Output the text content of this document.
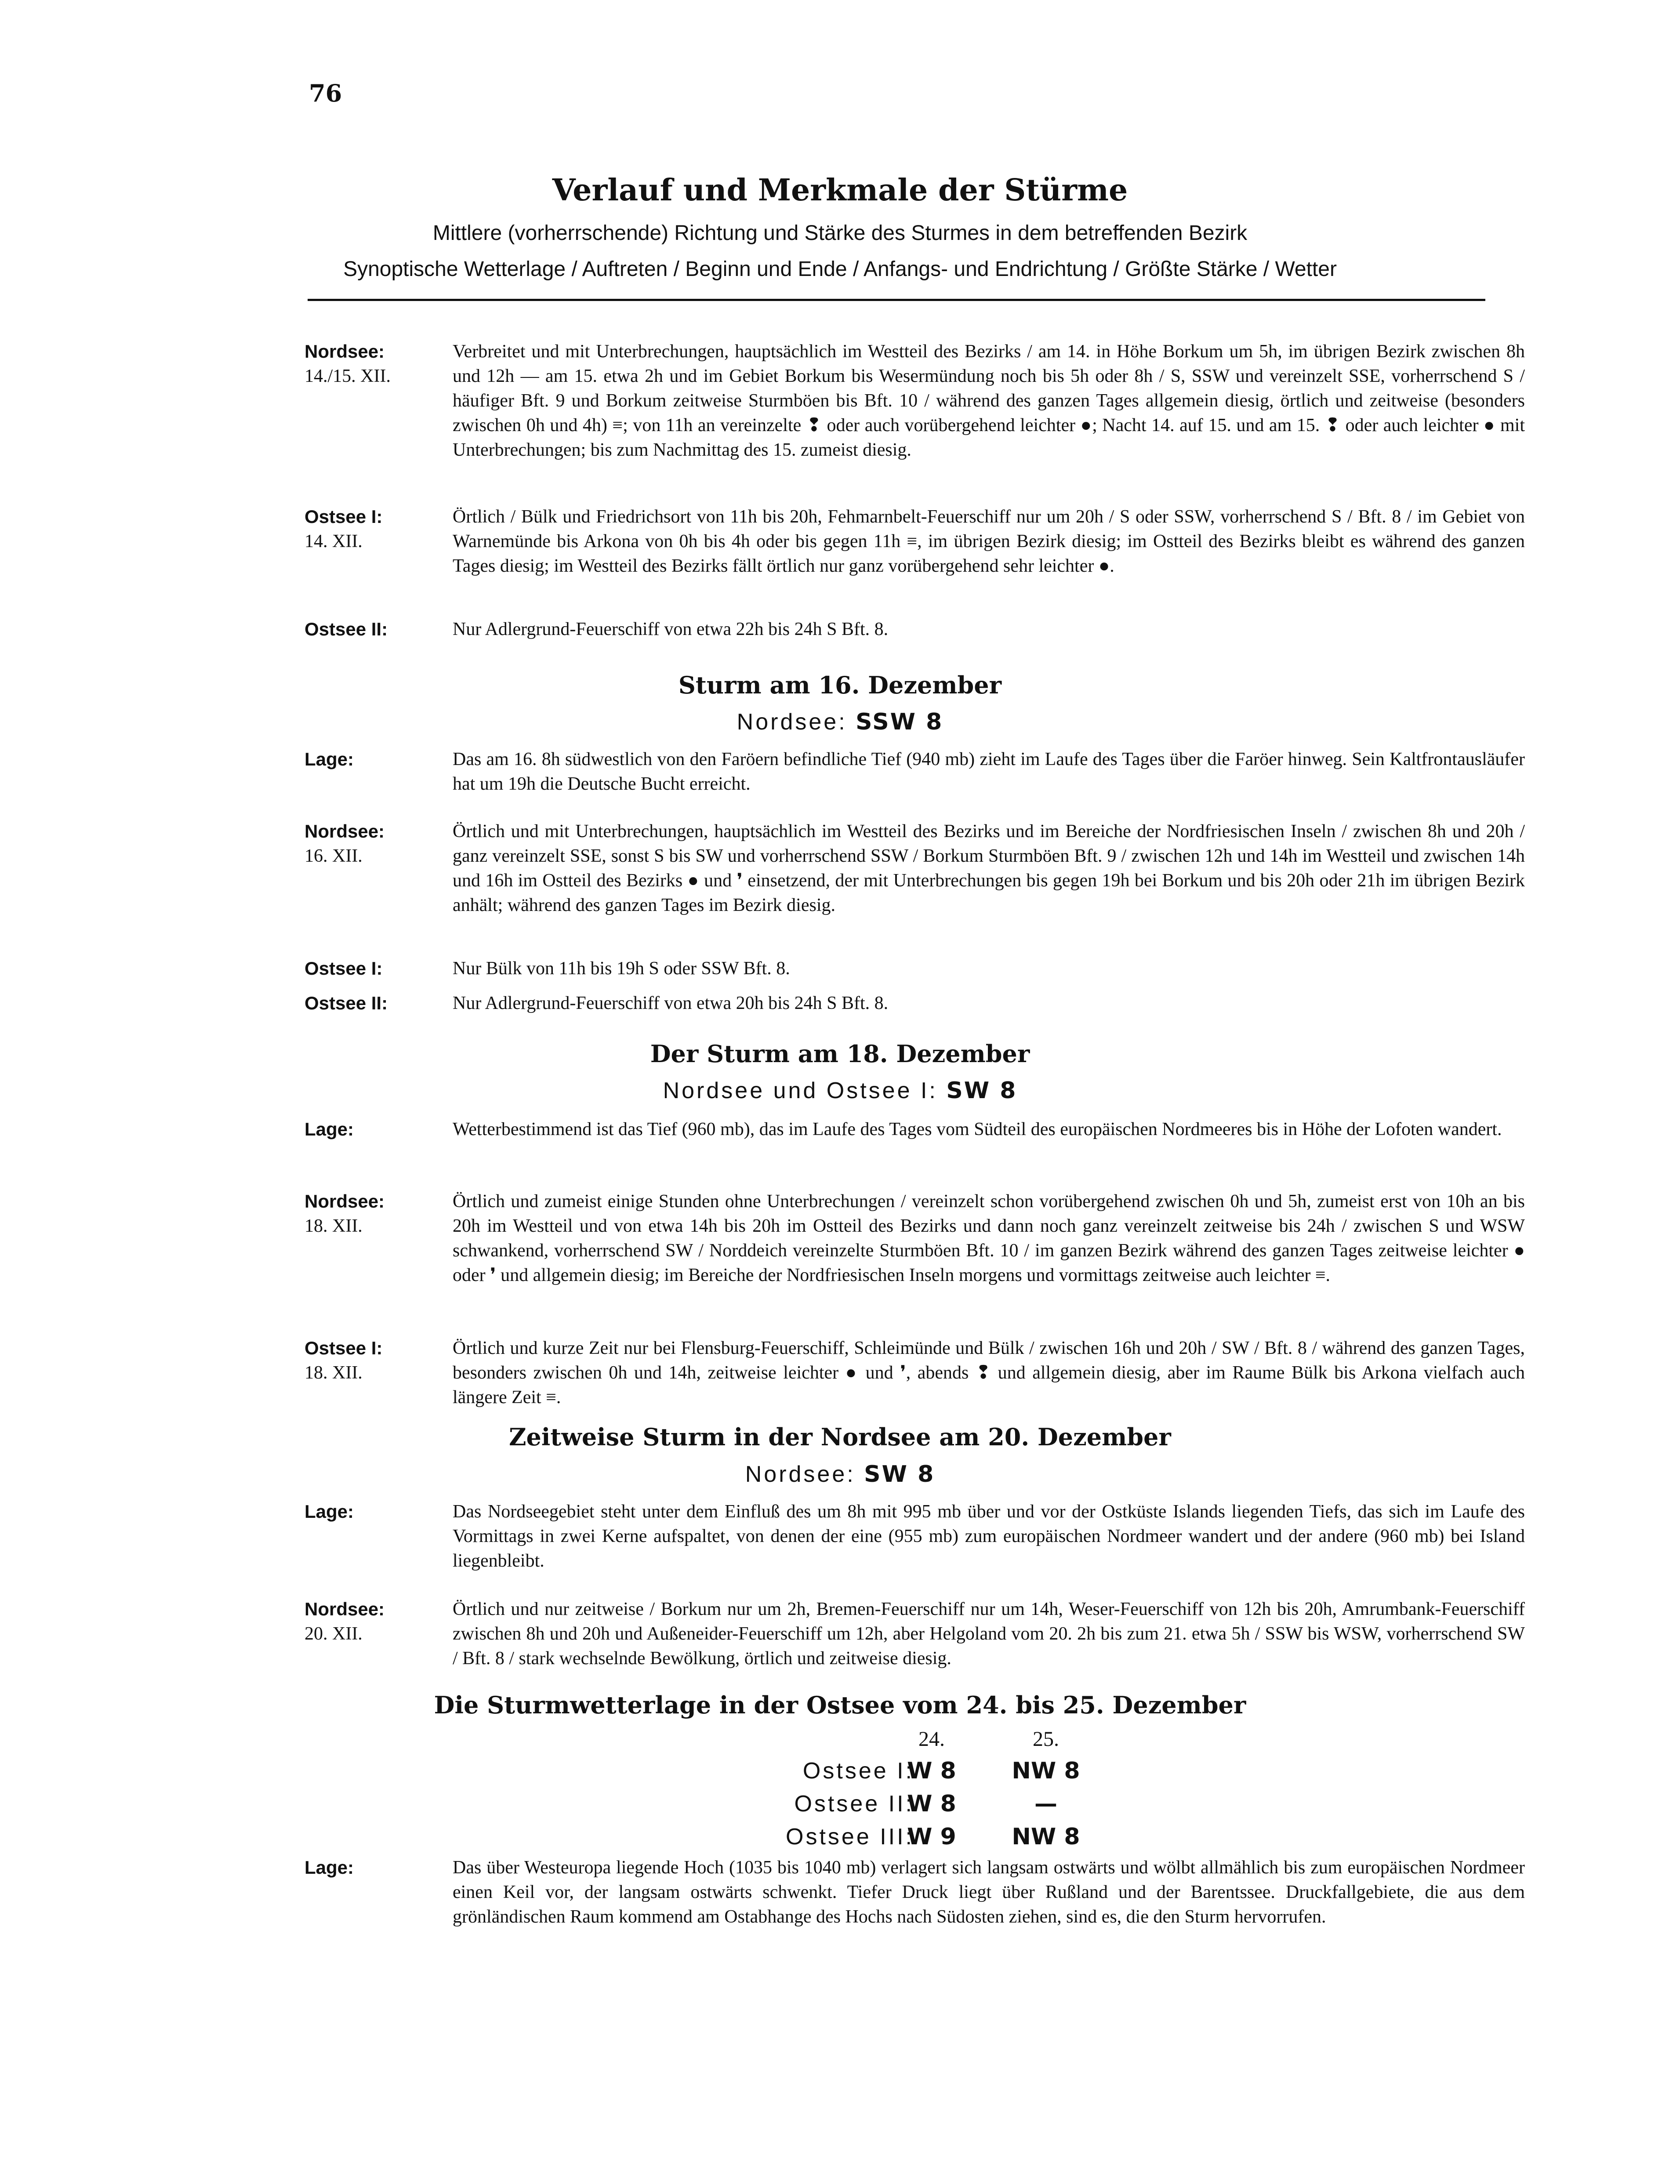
76
Verlauf und Merkmale der Stürme
Mittlere (vorherrschende) Richtung und Stärke des Sturmes in dem betreffenden Bezirk
Synoptische Wetterlage / Auftreten / Beginn und Ende / Anfangs- und Endrichtung / Größte Stärke / Wetter
Nordsee:
14./15. XII.
Verbreitet und mit Unterbrechungen, hauptsächlich im Westteil des Bezirks / am 14. in Höhe Borkum um 5h, im übrigen Bezirk zwischen 8h und 12h — am 15. etwa 2h und im Gebiet Borkum bis Wesermündung noch bis 5h oder 8h / S, SSW und vereinzelt SSE, vorherrschend S / häufiger Bft. 9 und Borkum zeitweise Sturmböen bis Bft. 10 / während des ganzen Tages allgemein diesig, örtlich und zeitweise (besonders zwischen 0h und 4h) ≡; von 11h an vereinzelte ❢ oder auch vorübergehend leichter ●; Nacht 14. auf 15. und am 15. ❢ oder auch leichter ● mit Unterbrechungen; bis zum Nachmittag des 15. zumeist diesig.
Ostsee I:
14. XII.
Örtlich / Bülk und Friedrichsort von 11h bis 20h, Fehmarnbelt-Feuerschiff nur um 20h / S oder SSW, vorherrschend S / Bft. 8 / im Gebiet von Warnemünde bis Arkona von 0h bis 4h oder bis gegen 11h ≡, im übrigen Bezirk diesig; im Ostteil des Bezirks bleibt es während des ganzen Tages diesig; im Westteil des Bezirks fällt örtlich nur ganz vorübergehend sehr leichter ●.
Ostsee II:	Nur Adlergrund-Feuerschiff von etwa 22h bis 24h S Bft. 8.
Sturm am 16. Dezember
Nordsee: SSW 8
Lage:	Das am 16. 8h südwestlich von den Faröern befindliche Tief (940 mb) zieht im Laufe des Tages über die Faröer hinweg. Sein Kaltfrontausläufer hat um 19h die Deutsche Bucht erreicht.
Nordsee:
16. XII.
Örtlich und mit Unterbrechungen, hauptsächlich im Westteil des Bezirks und im Bereiche der Nordfriesischen Inseln / zwischen 8h und 20h / ganz vereinzelt SSE, sonst S bis SW und vorherrschend SSW / Borkum Sturmböen Bft. 9 / zwischen 12h und 14h im Westteil und zwischen 14h und 16h im Ostteil des Bezirks ● und ❜ einsetzend, der mit Unterbrechungen bis gegen 19h bei Borkum und bis 20h oder 21h im übrigen Bezirk anhält; während des ganzen Tages im Bezirk diesig.
Ostsee I:	Nur Bülk von 11h bis 19h S oder SSW Bft. 8.
Ostsee II:	Nur Adlergrund-Feuerschiff von etwa 20h bis 24h S Bft. 8.
Der Sturm am 18. Dezember
Nordsee und Ostsee I: SW 8
Lage:	Wetterbestimmend ist das Tief (960 mb), das im Laufe des Tages vom Südteil des europäischen Nordmeeres bis in Höhe der Lofoten wandert.
Nordsee:
18. XII.
Örtlich und zumeist einige Stunden ohne Unterbrechungen / vereinzelt schon vorübergehend zwischen 0h und 5h, zumeist erst von 10h an bis 20h im Westteil und von etwa 14h bis 20h im Ostteil des Bezirks und dann noch ganz vereinzelt zeitweise bis 24h / zwischen S und WSW schwankend, vorherrschend SW / Norddeich vereinzelte Sturmböen Bft. 10 / im ganzen Bezirk während des ganzen Tages zeitweise leichter ● oder ❜ und allgemein diesig; im Bereiche der Nordfriesischen Inseln morgens und vormittags zeitweise auch leichter ≡.
Ostsee I:
18. XII.
Örtlich und kurze Zeit nur bei Flensburg-Feuerschiff, Schleimünde und Bülk / zwischen 16h und 20h / SW / Bft. 8 / während des ganzen Tages, besonders zwischen 0h und 14h, zeitweise leichter ● und ❜, abends ❢ und allgemein diesig, aber im Raume Bülk bis Arkona vielfach auch längere Zeit ≡.
Zeitweise Sturm in der Nordsee am 20. Dezember
Nordsee: SW 8
Lage:	Das Nordseegebiet steht unter dem Einfluß des um 8h mit 995 mb über und vor der Ostküste Islands liegenden Tiefs, das sich im Laufe des Vormittags in zwei Kerne aufspaltet, von denen der eine (955 mb) zum europäischen Nordmeer wandert und der andere (960 mb) bei Island liegenbleibt.
Nordsee:
20. XII.
Örtlich und nur zeitweise / Borkum nur um 2h, Bremen-Feuerschiff nur um 14h, Weser-Feuerschiff von 12h bis 20h, Amrumbank-Feuerschiff zwischen 8h und 20h und Außeneider-Feuerschiff um 12h, aber Helgoland vom 20. 2h bis zum 21. etwa 5h / SSW bis WSW, vorherrschend SW / Bft. 8 / stark wechselnde Bewölkung, örtlich und zeitweise diesig.
Die Sturmwetterlage in der Ostsee vom 24. bis 25. Dezember
24.	25.
Ostsee I:
W 8	NW 8
Ostsee II:
W 8	—
Ostsee III:
W 9	NW 8
Lage:	Das über Westeuropa liegende Hoch (1035 bis 1040 mb) verlagert sich langsam ostwärts und wölbt allmählich bis zum europäischen Nordmeer einen Keil vor, der langsam ostwärts schwenkt. Tiefer Druck liegt über Rußland und der Barentssee. Druckfallgebiete, die aus dem grönländischen Raum kommend am Ostabhange des Hochs nach Südosten ziehen, sind es, die den Sturm hervorrufen.
